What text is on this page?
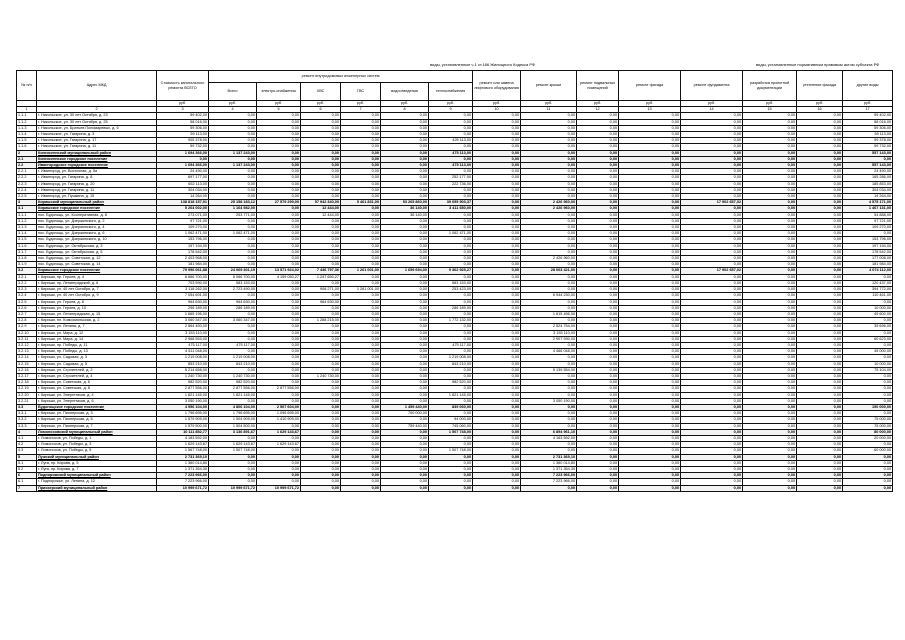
виды, установленные ч.1 ст.166 Жилищного Кодекса РФ	виды, установленные нормативным правовым актом субъекта РФ
№ п/п	Адрес МКД	Стоимость капитального ремонта ВСЕГО	ремонт внутридомовых инженерных систем						ремонт или замена лифтового оборудования	ремонт крыши	ремонт подвальных помещений	ремонт фасада	ремонт фундамента	разработка проектной документации	утепление фасада	другие виды
			Всего	электро-снабжения	ХВС	ГВС	водоотведения	теплоснабжения								
		руб.	руб.	руб.	руб.	руб.	руб.	руб.	руб.	руб.	руб.	руб.	руб.	руб.	руб.	руб.
1	2	3	4	5	6	7	8	9	10	11	12	13	14	15	16	17
1.1.1	г. Никольское, ул. 30 лет Октября, д. 23	59 402,00	0,00	0,00	0,00	0,00	0,00	0,00	0,00	0,00	0,00	0,00	0,00	0,00	0,00	59 402,00
1.1.2	г. Никольское, ул. 30 лет Октября, д. 25	58 016,00	0,00	0,00	0,00	0,00	0,00	0,00	0,00	0,00	0,00	0,00	0,00	0,00	0,00	58 016,00
1.1.3	г. Никольское, ул. Братьев Пономаревых, д. 6	59 306,00	0,00	0,00	0,00	0,00	0,00	0,00	0,00	0,00	0,00	0,00	0,00	0,00	0,00	59 306,00
1.1.4	г. Никольское, ул. Гагарина, д. 3	59 113,00	0,00	0,00	0,00	0,00	0,00	0,00	0,00	0,00	0,00	0,00	0,00	0,00	0,00	59 113,00
1.1.5	г. Никольское, ул. Гагарина, д. 17	905 378,00	0,00	0,00	0,00	0,00	0,00	425 113,00	0,00	0,00	0,00	0,00	0,00	0,00	0,00	59 378,00
1.1.6	г. Никольское, ул. Гагарина, д. 11	59 732,00	0,00	0,00	0,00	0,00	0,00	0,00	0,00	0,00	0,00	0,00	0,00	0,00	0,00	59 732,00
2	Кингисеппский муниципальный район	1 694 366,00	1 137 243,00	0,00	0,00	0,00	0,00	475 113,00	0,00	0,00	0,00	0,00	0,00	0,00	0,00	557 143,00
2.1	Кингисеппское городское поселение	0,00	0,00	0,00	0,00	0,00	0,00	0,00	0,00	0,00	0,00	0,00	0,00	0,00	0,00	0,00
2.2	Ивангородское городское поселение	1 694 366,00	1 137 243,00	0,00	0,00	0,00	0,00	475 113,00	0,00	0,00	0,00	0,00	0,00	0,00	0,00	557 143,00
2.2.1	г. Ивангород, ул. Восточная, д. 5а	24 490,00	0,00	0,00	0,00	0,00	0,00	0,00	0,00	0,00	0,00	0,00	0,00	0,00	0,00	24 490,00
2.2.2	г. Ивангород, ул. Гагарина, д. 8	697 177,00	0,00	0,00	0,00	0,00	0,00	252 177,00	0,00	0,00	0,00	0,00	0,00	0,00	0,00	165 286,00
2.2.3	г. Ивангород, ул. Гагарина, д. 20	652 113,00	0,00	0,00	0,00	0,00	0,00	222 736,00	0,00	0,00	0,00	0,00	0,00	0,00	0,00	185 853,00
2.2.4	г. Ивангород, ул. Гагарина, д. 11	304 034,00	0,00	0,00	0,00	0,00	0,00	0,00	0,00	0,00	0,00	0,00	0,00	0,00	0,00	304 034,00
2.2.5	г. Ивангород, ул. Пушкина, д. 15	14 264,00	0,00	0,00	0,00	0,00	0,00	0,00	0,00	0,00	0,00	0,00	0,00	0,00	0,00	14 264,00
3	Киришский муниципальный район	138 818 157,91	25 158 183,12	27 579 299,00	57 942 340,00	5 461 831,00	53 265 860,00	39 055 903,37	0,00	2 426 960,00	0,00	0,00	17 902 657,02	0,00	0,00	4 575 171,00
3.1	Киришское городское поселение	5 264 002,00	1 164 982,00	0,00	12 444,00	0,00	36 140,00	3 411 650,00	0,00	2 426 960,00	0,00	0,00	0,00	0,00	0,00	1 467 131,00
3.1.1	пос. Будогощь, ул. Кооперативная, д. 8	273 071,00	253 771,00	0,00	12 444,00	0,00	36 140,00	0,00	0,00	0,00	0,00	0,00	0,00	0,00	0,00	54 888,00
3.1.2	пос. Будогощь, ул. Дзержинского, д. 2	97 721,00	0,00	0,00	0,00	0,00	0,00	0,00	0,00	0,00	0,00	0,00	0,00	0,00	0,00	97 721,00
3.1.3	пос. Будогощь, ул. Дзержинского, д. 4	109 270,00	0,00	0,00	0,00	0,00	0,00	0,00	0,00	0,00	0,00	0,00	0,00	0,00	0,00	109 270,00
3.1.4	пос. Будогощь, ул. Дзержинского, д. 6	1 062 471,00	1 062 471,00	0,00	0,00	0,00	0,00	1 062 471,00	0,00	0,00	0,00	0,00	0,00	0,00	0,00	0,00
3.1.5	пос. Будогощь, ул. Дзержинского, д. 10	153 796,00	0,00	0,00	0,00	0,00	0,00	0,00	0,00	0,00	0,00	0,00	0,00	0,00	0,00	153 796,00
3.1.6	пос. Будогощь, ул. Октябрьская, д. 3	197 194,00	0,00	0,00	0,00	0,00	0,00	0,00	0,00	0,00	0,00	0,00	0,00	0,00	0,00	197 194,00
3.1.7	пос. Будогощь, ул. Октябрьская, д. 5	178 542,00	0,00	0,00	0,00	0,00	0,00	0,00	0,00	0,00	0,00	0,00	0,00	0,00	0,00	178 542,00
3.1.8	пос. Будогощь, ул. Советская, д. 12	2 403 968,00	0,00	0,00	0,00	0,00	0,00	0,00	0,00	2 426 960,00	0,00	0,00	0,00	0,00	0,00	177 008,00
3.1.9	пос. Будогощь, ул. Советская, д. 14	181 984,00	0,00	0,00	0,00	0,00	0,00	0,00	0,00	0,00	0,00	0,00	0,00	0,00	0,00	181 984,00
3.2	Киришское городское поселение	79 996 061,88	24 069 401,19	13 571 924,02	7 436 797,36	1 261 001,00	1 659 694,00	9 362 925,27	0,00	28 003 421,00	0,00	0,00	17 902 657,02	0,00	0,00	4 074 112,00
3.2.1	г. Кириши, пр. Героев, д. 4	6 666 700,00	6 066 700,00	4 159 050,27	1 247 650,27	0,00	0,00	0,00	0,00	0,00	0,00	0,00	0,00	0,00	0,00	0,00
3.2.2	г. Кириши, пр. Ленинградский, д. 6	703 590,00	583 153,00	0,00	0,00	0,00	0,00	583 153,00	0,00	0,00	0,00	0,00	0,00	0,00	0,00	120 437,00
3.2.3	г. Кириши, ул. 40 лет Октября, д. 7	3 118 262,00	2 723 490,00	0,00	908 271,00	1 261 001,00	0,00	253 423,00	0,00	0,00	0,00	0,00	0,00	0,00	0,00	394 772,00
3.2.4	г. Кириши, ул. 40 лет Октября, д. 9	7 054 691,00	0,00	0,00	0,00	0,00	0,00	0,00	0,00	6 944 230,00	0,00	0,00	0,00	0,00	0,00	110 461,00
3.2.5	г. Кириши, ул. Героев, д. 8	964 630,00	964 630,00	0,00	964 630,00	0,00	0,00	0,00	0,00	0,00	0,00	0,00	0,00	0,00	0,00	0,00
3.2.6	г. Кириши, ул. Героев, д. 10	296 189,00	286 189,00	0,00	0,00	0,00	0,00	286 189,00	0,00	0,00	0,00	0,00	0,00	0,00	0,00	10 000,00
3.2.7	г. Кириши, ул. Ленинградская, д. 15	1 665 196,00	0,00	0,00	0,00	0,00	0,00	0,00	0,00	1 615 496,00	0,00	0,00	0,00	0,00	0,00	49 600,00
3.2.8	г. Кириши, пл. Комсомольская, д. 2	3 060 347,00	3 060 347,00	0,00	1 288 215,00	0,00	0,00	1 772 132,00	0,00	0,00	0,00	0,00	0,00	0,00	0,00	0,00
3.2.9	г. Кириши, ул. Ленина, д. 7	2 564 450,00	0,00	0,00	0,00	0,00	0,00	0,00	0,00	2 524 754,00	0,00	0,00	0,00	0,00	0,00	39 696,00
3.2.10	г. Кириши, ул. Мира, д. 12	3 153 110,00	0,00	0,00	0,00	0,00	0,00	0,00	0,00	3 153 110,00	0,00	0,00	0,00	0,00	0,00	0,00
3.2.11	г. Кириши, ул. Мира, д. 14	2 968 553,00	0,00	0,00	0,00	0,00	0,00	0,00	0,00	2 907 930,00	0,00	0,00	0,00	0,00	0,00	60 623,00
3.2.12	г. Кириши, пр. Победы, д. 11	475 117,00	475 117,00	0,00	0,00	0,00	0,00	475 117,00	0,00	0,00	0,00	0,00	0,00	0,00	0,00	0,00
3.2.13	г. Кириши, пр. Победы, д. 13	4 511 048,00	0,00	0,00	0,00	0,00	0,00	0,00	0,00	4 466 048,00	0,00	0,00	0,00	0,00	0,00	45 000,00
3.2.14	г. Кириши, ул. Садовая, д. 3	1 219 008,00	1 219 008,00	0,00	0,00	0,00	0,00	1 219 008,00	0,00	0,00	0,00	0,00	0,00	0,00	0,00	0,00
3.2.15	г. Кириши, ул. Садовая, д. 5	853 210,00	843 210,00	0,00	0,00	0,00	0,00	843 210,00	0,00	0,00	0,00	0,00	0,00	0,00	0,00	10 000,00
3.2.16	г. Кириши, ул. Строителей, д. 2	5 214 658,00	0,00	0,00	0,00	0,00	0,00	0,00	0,00	5 139 554,00	0,00	0,00	0,00	0,00	0,00	75 104,00
3.2.17	г. Кириши, ул. Строителей, д. 4	1 240 730,00	1 240 730,00	0,00	1 240 730,00	0,00	0,00	0,00	0,00	0,00	0,00	0,00	0,00	0,00	0,00	0,00
3.2.18	г. Кириши, ул. Советская, д. 6	982 520,00	982 520,00	0,00	0,00	0,00	0,00	982 520,00	0,00	0,00	0,00	0,00	0,00	0,00	0,00	0,00
3.2.19	г. Кириши, ул. Советская, д. 8	2 877 556,00	2 877 556,00	2 877 556,00	0,00	0,00	0,00	0,00	0,00	0,00	0,00	0,00	0,00	0,00	0,00	0,00
3.2.20	г. Кириши, ул. Энергетиков, д. 4	1 821 145,00	1 821 145,00	0,00	0,00	0,00	0,00	1 821 145,00	0,00	0,00	0,00	0,00	0,00	0,00	0,00	0,00
3.2.21	г. Кириши, ул. Энергетиков, д. 6	3 050 190,00	0,00	0,00	0,00	0,00	0,00	0,00	0,00	3 050 190,00	0,00	0,00	0,00	0,00	0,00	0,00
3.3	Будогощское городское поселение	4 956 104,00	4 806 104,00	2 507 604,00	0,00	0,00	1 459 440,00	839 060,00	0,00	0,00	0,00	0,00	0,00	0,00	0,00	150 000,00
3.3.1	г. Кириши, ул. Пионерская, д. 3	1 796 695,00	1 796 695,00	1 096 695,00	0,00	0,00	700 000,00	0,00	0,00	0,00	0,00	0,00	0,00	0,00	0,00	0,00
3.3.2	г. Кириши, ул. Пионерская, д. 5	1 579 909,00	1 504 909,00	1 410 909,00	0,00	0,00	0,00	94 000,00	0,00	0,00	0,00	0,00	0,00	0,00	0,00	75 000,00
3.3.3	г. Кириши, ул. Пионерская, д. 7	1 579 500,00	1 504 500,00	0,00	0,00	0,00	759 440,00	745 060,00	0,00	0,00	0,00	0,00	0,00	0,00	0,00	75 000,00
4	Ломоносовский муниципальный район	10 111 852,77	3 136 891,67	1 629 143,67	0,00	0,00	0,00	1 507 748,00	0,00	6 894 961,10	0,00	0,00	0,00	0,00	0,00	80 000,00
4.1	г. Ломоносов, ул. Победы, д. 1	4 183 592,00	0,00	0,00	0,00	0,00	0,00	0,00	0,00	4 163 592,00	0,00	0,00	0,00	0,00	0,00	20 000,00
4.2	г. Ломоносов, ул. Победы, д. 3	1 629 143,67	1 629 143,67	1 629 143,67	0,00	0,00	0,00	0,00	0,00	0,00	0,00	0,00	0,00	0,00	0,00	0,00
4.3	г. Ломоносов, ул. Победы, д. 5	1 567 748,00	1 507 748,00	0,00	0,00	0,00	0,00	1 507 748,00	0,00	0,00	0,00	0,00	0,00	0,00	0,00	60 000,00
5	Лужский муниципальный район	2 731 369,10	0,00	0,00	0,00	0,00	0,00	0,00	0,00	2 731 369,10	0,00	0,00	0,00	0,00	0,00	0,00
5.1	г. Луга, пр. Кирова, д. 5	1 360 014,80	0,00	0,00	0,00	0,00	0,00	0,00	0,00	1 360 014,80	0,00	0,00	0,00	0,00	0,00	0,00
5.2	г. Луга, пр. Кирова, д. 7	1 371 354,30	0,00	0,00	0,00	0,00	0,00	0,00	0,00	1 371 354,30	0,00	0,00	0,00	0,00	0,00	0,00
6	Подпорожский муниципальный район	7 223 966,00	0,00	0,00	0,00	0,00	0,00	0,00	0,00	7 223 966,00	0,00	0,00	0,00	0,00	0,00	0,00
6.1	г. Подпорожье, ул. Ленина, д. 12	7 223 966,00	0,00	0,00	0,00	0,00	0,00	0,00	0,00	7 223 966,00	0,00	0,00	0,00	0,00	0,00	0,00
7	Приозерский муниципальный район	10 999 671,72	10 999 671,72	10 999 671,72	0,00	0,00	0,00	0,00	0,00	0,00	0,00	0,00	0,00	0,00	0,00	0,00
